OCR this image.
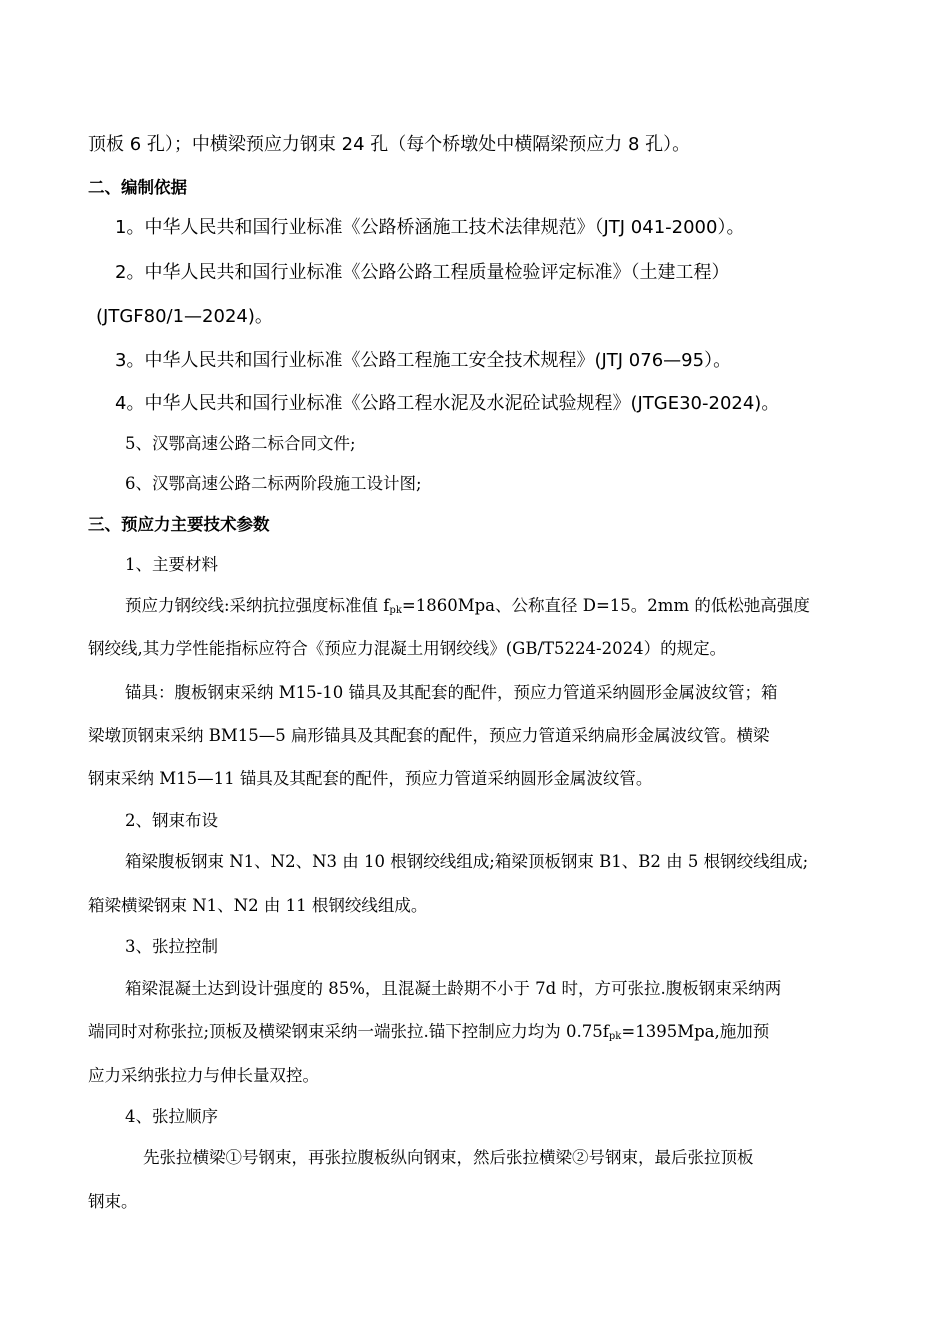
顶板 6 孔）；中横梁预应力钢束 24 孔（每个桥墩处中横隔梁预应力 8 孔）。

二、编制依据

1。中华人民共和国行业标准《公路桥涵施工技术法律规范》（JTJ 041-2000）。

2。中华人民共和国行业标准《公路公路工程质量检验评定标准》（土建工程）

(JTGF80/1—2024)。

3。中华人民共和国行业标准《公路工程施工安全技术规程》(JTJ 076—95）。

4。中华人民共和国行业标准《公路工程水泥及水泥砼试验规程》(JTGE30-2024)。

5、汉鄂高速公路二标合同文件;

6、汉鄂高速公路二标两阶段施工设计图;

三、预应力主要技术参数

1、主要材料

预应力钢绞线:采纳抗拉强度标准值 $f_{pk}=1860Mpa$、公称直径 D=15。2mm 的低松弛高强度

钢绞线,其力学性能指标应符合《预应力混凝土用钢绞线》(GB/T5224-2024）的规定。

锚具：腹板钢束采纳 M15-10 锚具及其配套的配件，预应力管道采纳圆形金属波纹管；箱

梁墩顶钢束采纳 BM15—5 扁形锚具及其配套的配件，预应力管道采纳扁形金属波纹管。横梁

钢束采纳 M15—11 锚具及其配套的配件，预应力管道采纳圆形金属波纹管。

2、钢束布设

箱梁腹板钢束 N1、N2、N3 由 10 根钢绞线组成;箱梁顶板钢束 B1、B2 由 5 根钢绞线组成;

箱梁横梁钢束 N1、N2 由 11 根钢绞线组成。

3、张拉控制

箱梁混凝土达到设计强度的 85%，且混凝土龄期不小于 7d 时，方可张拉.腹板钢束采纳两

端同时对称张拉;顶板及横梁钢束采纳一端张拉.锚下控制应力均为 $0.75f_{pk}=1395Mpa$,施加预

应力采纳张拉力与伸长量双控。

4、张拉顺序

先张拉横梁①号钢束，再张拉腹板纵向钢束，然后张拉横梁②号钢束，最后张拉顶板

钢束。
